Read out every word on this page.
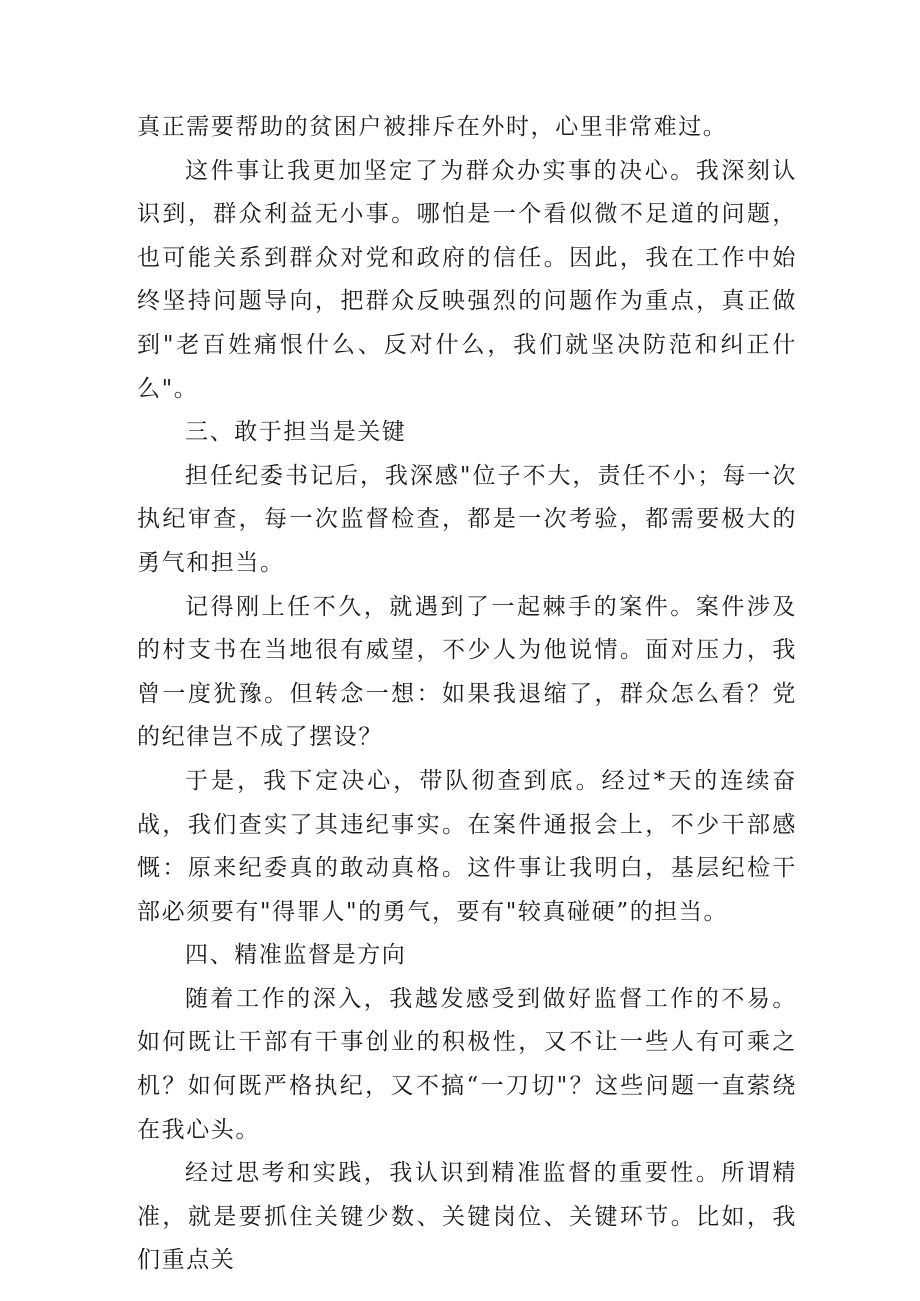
真正需要帮助的贫困户被排斥在外时，心里非常难过。

这件事让我更加坚定了为群众办实事的决心。我深刻认识到，群众利益无小事。哪怕是一个看似微不足道的问题，也可能关系到群众对党和政府的信任。因此，我在工作中始终坚持问题导向，把群众反映强烈的问题作为重点，真正做到"老百姓痛恨什么、反对什么，我们就坚决防范和纠正什么"。

三、敢于担当是关键

担任纪委书记后，我深感"位子不大，责任不小；每一次执纪审查，每一次监督检查，都是一次考验，都需要极大的勇气和担当。

记得刚上任不久，就遇到了一起棘手的案件。案件涉及的村支书在当地很有威望，不少人为他说情。面对压力，我曾一度犹豫。但转念一想：如果我退缩了，群众怎么看？党的纪律岂不成了摆设？

于是，我下定决心，带队彻查到底。经过*天的连续奋战，我们查实了其违纪事实。在案件通报会上，不少干部感慨：原来纪委真的敢动真格。这件事让我明白，基层纪检干部必须要有"得罪人"的勇气，要有"较真碰硬”的担当。

四、精准监督是方向

随着工作的深入，我越发感受到做好监督工作的不易。如何既让干部有干事创业的积极性，又不让一些人有可乘之机？如何既严格执纪，又不搞“一刀切"？这些问题一直萦绕在我心头。

经过思考和实践，我认识到精准监督的重要性。所谓精准，就是要抓住关键少数、关键岗位、关键环节。比如，我们重点关
